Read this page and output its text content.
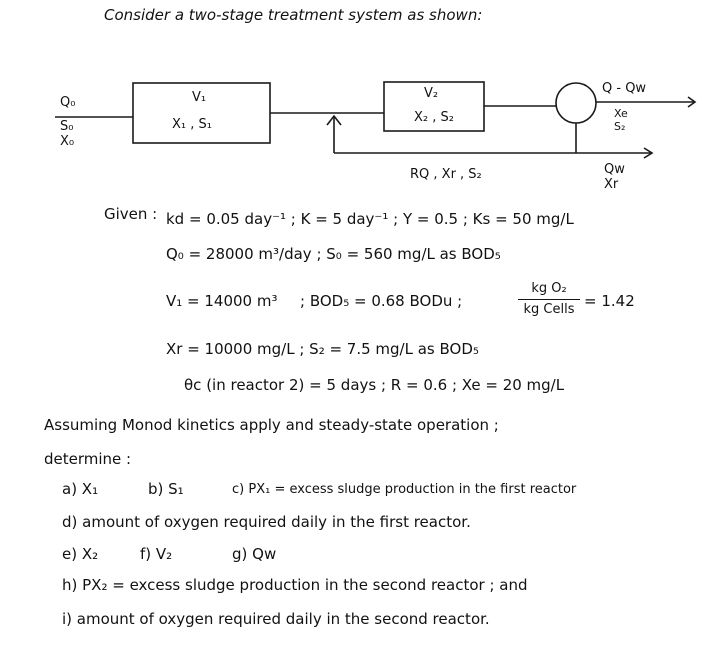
Consider a two-stage treatment system as shown:
Q₀
S₀
X₀
V₁
X₁ , S₁
V₂
X₂ , S₂
Q - Qw
Xe
S₂
Qw
Xr
RQ , Xr , S₂
Given : kd = 0.05 day⁻¹ ; K = 5 day⁻¹ ; Y = 0.5 ; Ks = 50 mg/L
Q₀ = 28000 m³/day ; S₀ = 560 mg/L as BOD₅
V₁ = 14000 m³ ; BOD₅ = 0.68 BODu ;
kg O₂
kg Cells = 1.42
Xr = 10000 mg/L ; S₂ = 7.5 mg/L as BOD₅
θc (in reactor 2) = 5 days ; R = 0.6 ; Xe = 20 mg/L
Assuming Monod kinetics apply and steady-state operation ;
determine :
a) X₁	b) S₁	c) PX₁ = excess sludge production in the first reactor
d) amount of oxygen required daily in the first reactor.
e) X₂	f) V₂	g) Qw
h) PX₂ = excess sludge production in the second reactor ; and
i) amount of oxygen required daily in the second reactor.
